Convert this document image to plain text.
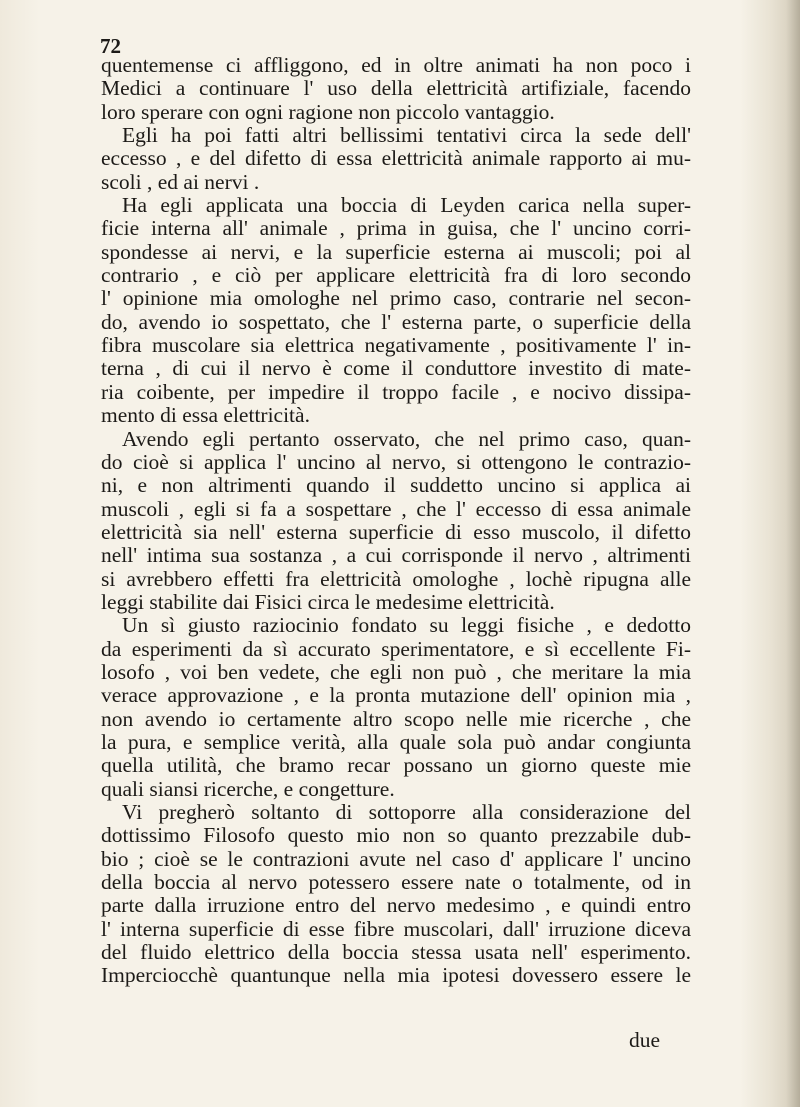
72
quentemense ci affliggono, ed in oltre animati ha non poco i
Medici a continuare l' uso della elettricità artifiziale, facendo
loro sperare con ogni ragione non piccolo vantaggio.
Egli ha poi fatti altri bellissimi tentativi circa la sede dell'
eccesso , e del difetto di essa elettricità animale rapporto ai mu-
scoli , ed ai nervi .
Ha egli applicata una boccia di Leyden carica nella super-
ficie interna all' animale , prima in guisa, che l' uncino corri-
spondesse ai nervi, e la superficie esterna ai muscoli; poi al
contrario , e ciò per applicare elettricità fra di loro secondo
l' opinione mia omologhe nel primo caso, contrarie nel secon-
do, avendo io sospettato, che l' esterna parte, o superficie della
fibra muscolare sia elettrica negativamente , positivamente l' in-
terna , di cui il nervo è come il conduttore investito di mate-
ria coibente, per impedire il troppo facile , e nocivo dissipa-
mento di essa elettricità.
Avendo egli pertanto osservato, che nel primo caso, quan-
do cioè si applica l' uncino al nervo, si ottengono le contrazio-
ni, e non altrimenti quando il suddetto uncino si applica ai
muscoli , egli si fa a sospettare , che l' eccesso di essa animale
elettricità sia nell' esterna superficie di esso muscolo, il difetto
nell' intima sua sostanza , a cui corrisponde il nervo , altrimenti
si avrebbero effetti fra elettricità omologhe , lochè ripugna alle
leggi stabilite dai Fisici circa le medesime elettricità.
Un sì giusto raziocinio fondato su leggi fisiche , e dedotto
da esperimenti da sì accurato sperimentatore, e sì eccellente Fi-
losofo , voi ben vedete, che egli non può , che meritare la mia
verace approvazione , e la pronta mutazione dell' opinion mia ,
non avendo io certamente altro scopo nelle mie ricerche , che
la pura, e semplice verità, alla quale sola può andar congiunta
quella utilità, che bramo recar possano un giorno queste mie
quali siansi ricerche, e congetture.
Vi pregherò soltanto di sottoporre alla considerazione del
dottissimo Filosofo questo mio non so quanto prezzabile dub-
bio ; cioè se le contrazioni avute nel caso d' applicare l' uncino
della boccia al nervo potessero essere nate o totalmente, od in
parte dalla irruzione entro del nervo medesimo , e quindi entro
l' interna superficie di esse fibre muscolari, dall' irruzione diceva
del fluido elettrico della boccia stessa usata nell' esperimento.
Imperciocchè quantunque nella mia ipotesi dovessero essere le
due
